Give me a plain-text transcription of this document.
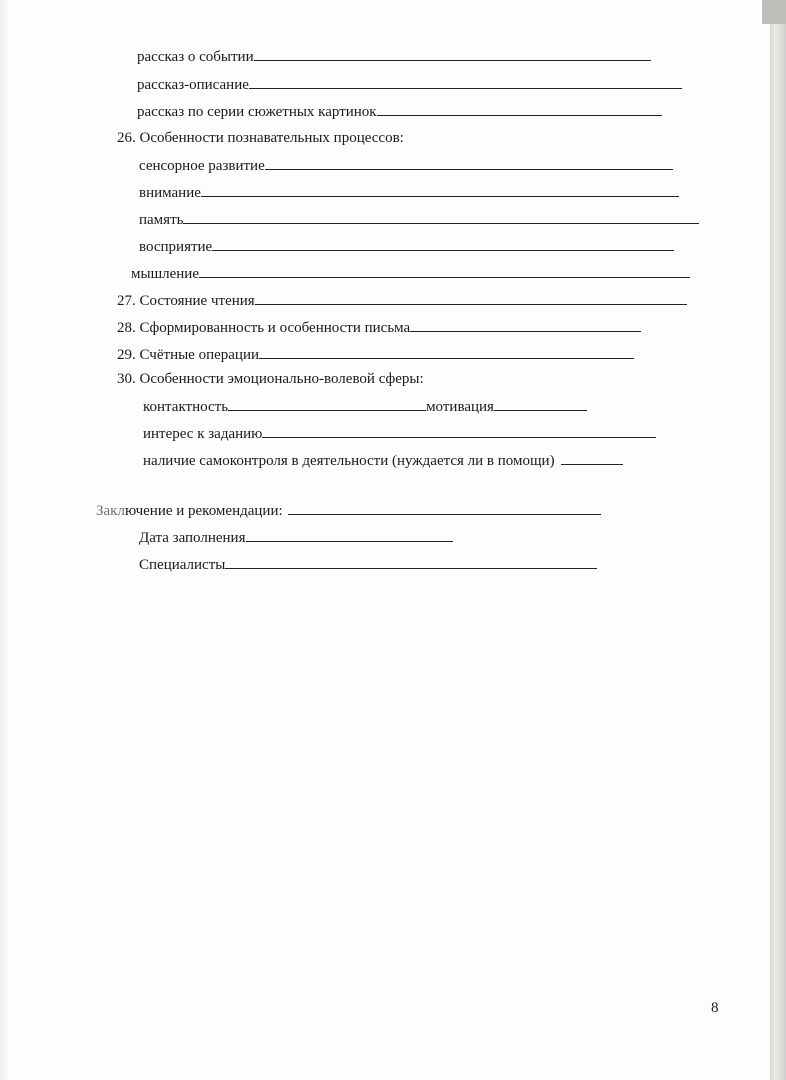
рассказ о событии
рассказ-описание
рассказ по серии сюжетных картинок
26. Особенности познавательных процессов:
сенсорное развитие
внимание
память
восприятие
мышление
27. Состояние чтения
28. Сформированность и особенности письма
29. Счётные операции
30. Особенности эмоционально-волевой сферы:
контактность	мотивация
интерес к заданию
наличие самоконтроля в деятельности (нуждается ли в помощи)
Заключение и рекомендации:
Дата заполнения
Специалисты
8
